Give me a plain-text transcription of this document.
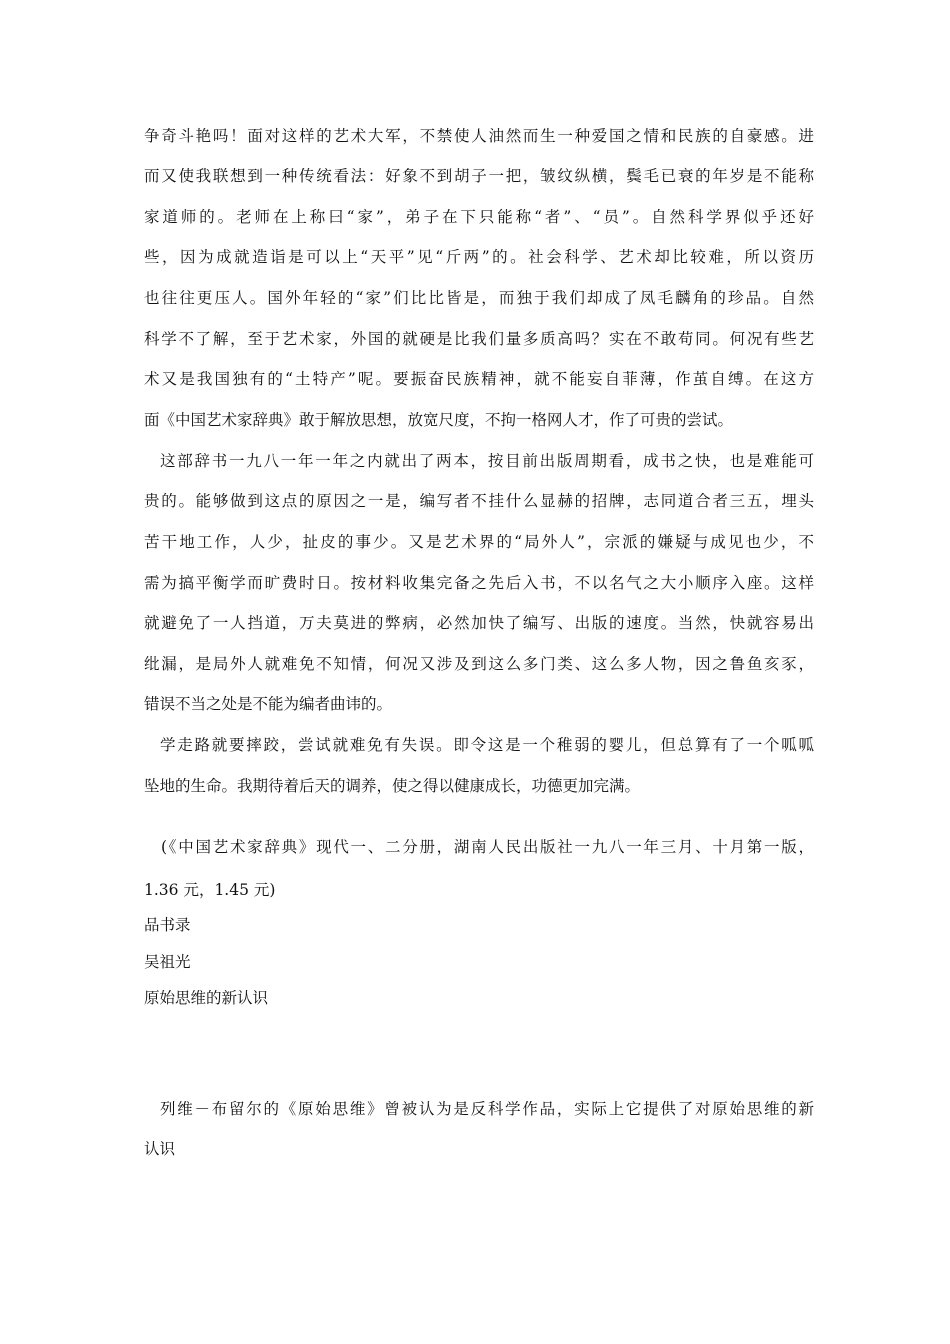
争奇斗艳吗！面对这样的艺术大军，不禁使人油然而生一种爱国之情和民族的自豪感。进
而又使我联想到一种传统看法：好象不到胡子一把，皱纹纵横，鬓毛已衰的年岁是不能称
家道师的。老师在上称曰“家”，弟子在下只能称“者”、“员”。自然科学界似乎还好
些，因为成就造诣是可以上“天平”见“斤两”的。社会科学、艺术却比较难，所以资历
也往往更压人。国外年轻的“家”们比比皆是，而独于我们却成了凤毛麟角的珍品。自然
科学不了解，至于艺术家，外国的就硬是比我们量多质高吗？实在不敢苟同。何况有些艺
术又是我国独有的“土特产”呢。要振奋民族精神，就不能妄自菲薄，作茧自缚。在这方
面《中国艺术家辞典》敢于解放思想，放宽尺度，不拘一格网人才，作了可贵的尝试。
这部辞书一九八一年一年之内就出了两本，按目前出版周期看，成书之快，也是难能可
贵的。能够做到这点的原因之一是，编写者不挂什么显赫的招牌，志同道合者三五，埋头
苦干地工作，人少，扯皮的事少。又是艺术界的“局外人”，宗派的嫌疑与成见也少，不
需为搞平衡学而旷费时日。按材料收集完备之先后入书，不以名气之大小顺序入座。这样
就避免了一人挡道，万夫莫进的弊病，必然加快了编写、出版的速度。当然，快就容易出
纰漏，是局外人就难免不知情，何况又涉及到这么多门类、这么多人物，因之鲁鱼亥豕，
错误不当之处是不能为编者曲讳的。
学走路就要摔跤，尝试就难免有失误。即令这是一个稚弱的婴儿，但总算有了一个呱呱
坠地的生命。我期待着后天的调养，使之得以健康成长，功德更加完满。
(《中国艺术家辞典》现代一、二分册，湖南人民出版社一九八一年三月、十月第一版，
1.36 元，1.45 元)
品书录
吴祖光
原始思维的新认识
列维－布留尔的《原始思维》曾被认为是反科学作品，实际上它提供了对原始思维的新
认识
